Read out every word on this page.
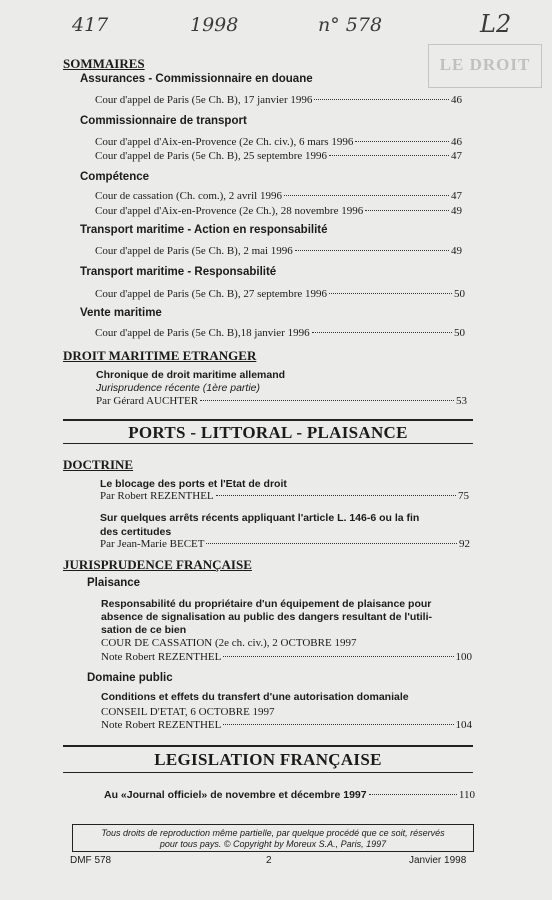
417	1998	n° 578	L2
LE DROIT
SOMMAIRES
Assurances - Commissionnaire en douane
Cour d'appel de Paris (5e Ch. B), 17 janvier 1996	46
Commissionnaire de transport
Cour d'appel d'Aix-en-Provence (2e Ch. civ.), 6 mars 1996	46
Cour d'appel de Paris (5e Ch. B), 25 septembre 1996	47
Compétence
Cour de cassation (Ch. com.), 2 avril 1996	47
Cour d'appel d'Aix-en-Provence (2e Ch.), 28 novembre 1996	49
Transport maritime - Action en responsabilité
Cour d'appel de Paris (5e Ch. B), 2 mai 1996	49
Transport maritime - Responsabilité
Cour d'appel de Paris (5e Ch. B), 27 septembre 1996	50
Vente maritime
Cour d'appel de Paris (5e Ch. B),18 janvier 1996	50
DROIT MARITIME ETRANGER
Chronique de droit maritime allemand
Jurisprudence récente (1ère partie)
Par Gérard AUCHTER	53
PORTS - LITTORAL - PLAISANCE
DOCTRINE
Le blocage des ports et l'Etat de droit
Par Robert REZENTHEL	75
Sur quelques arrêts récents appliquant l'article L. 146-6 ou la fin
des certitudes
Par Jean-Marie BECET	92
JURISPRUDENCE FRANÇAISE
Plaisance
Responsabilité du propriétaire d'un équipement de plaisance pour
absence de signalisation au public des dangers resultant de l'utili-
sation de ce bien
COUR DE CASSATION (2e ch. civ.), 2 OCTOBRE 1997
Note Robert REZENTHEL	100
Domaine public
Conditions et effets du transfert d'une autorisation domaniale
CONSEIL D'ETAT, 6 OCTOBRE 1997
Note Robert REZENTHEL	104
LEGISLATION FRANÇAISE
Au «Journal officiel» de novembre et décembre 1997	110
Tous droits de reproduction même partielle, par quelque procédé que ce soit, réservés
pour tous pays. © Copyright by Moreux S.A., Paris, 1997
DMF 578	2	Janvier 1998
